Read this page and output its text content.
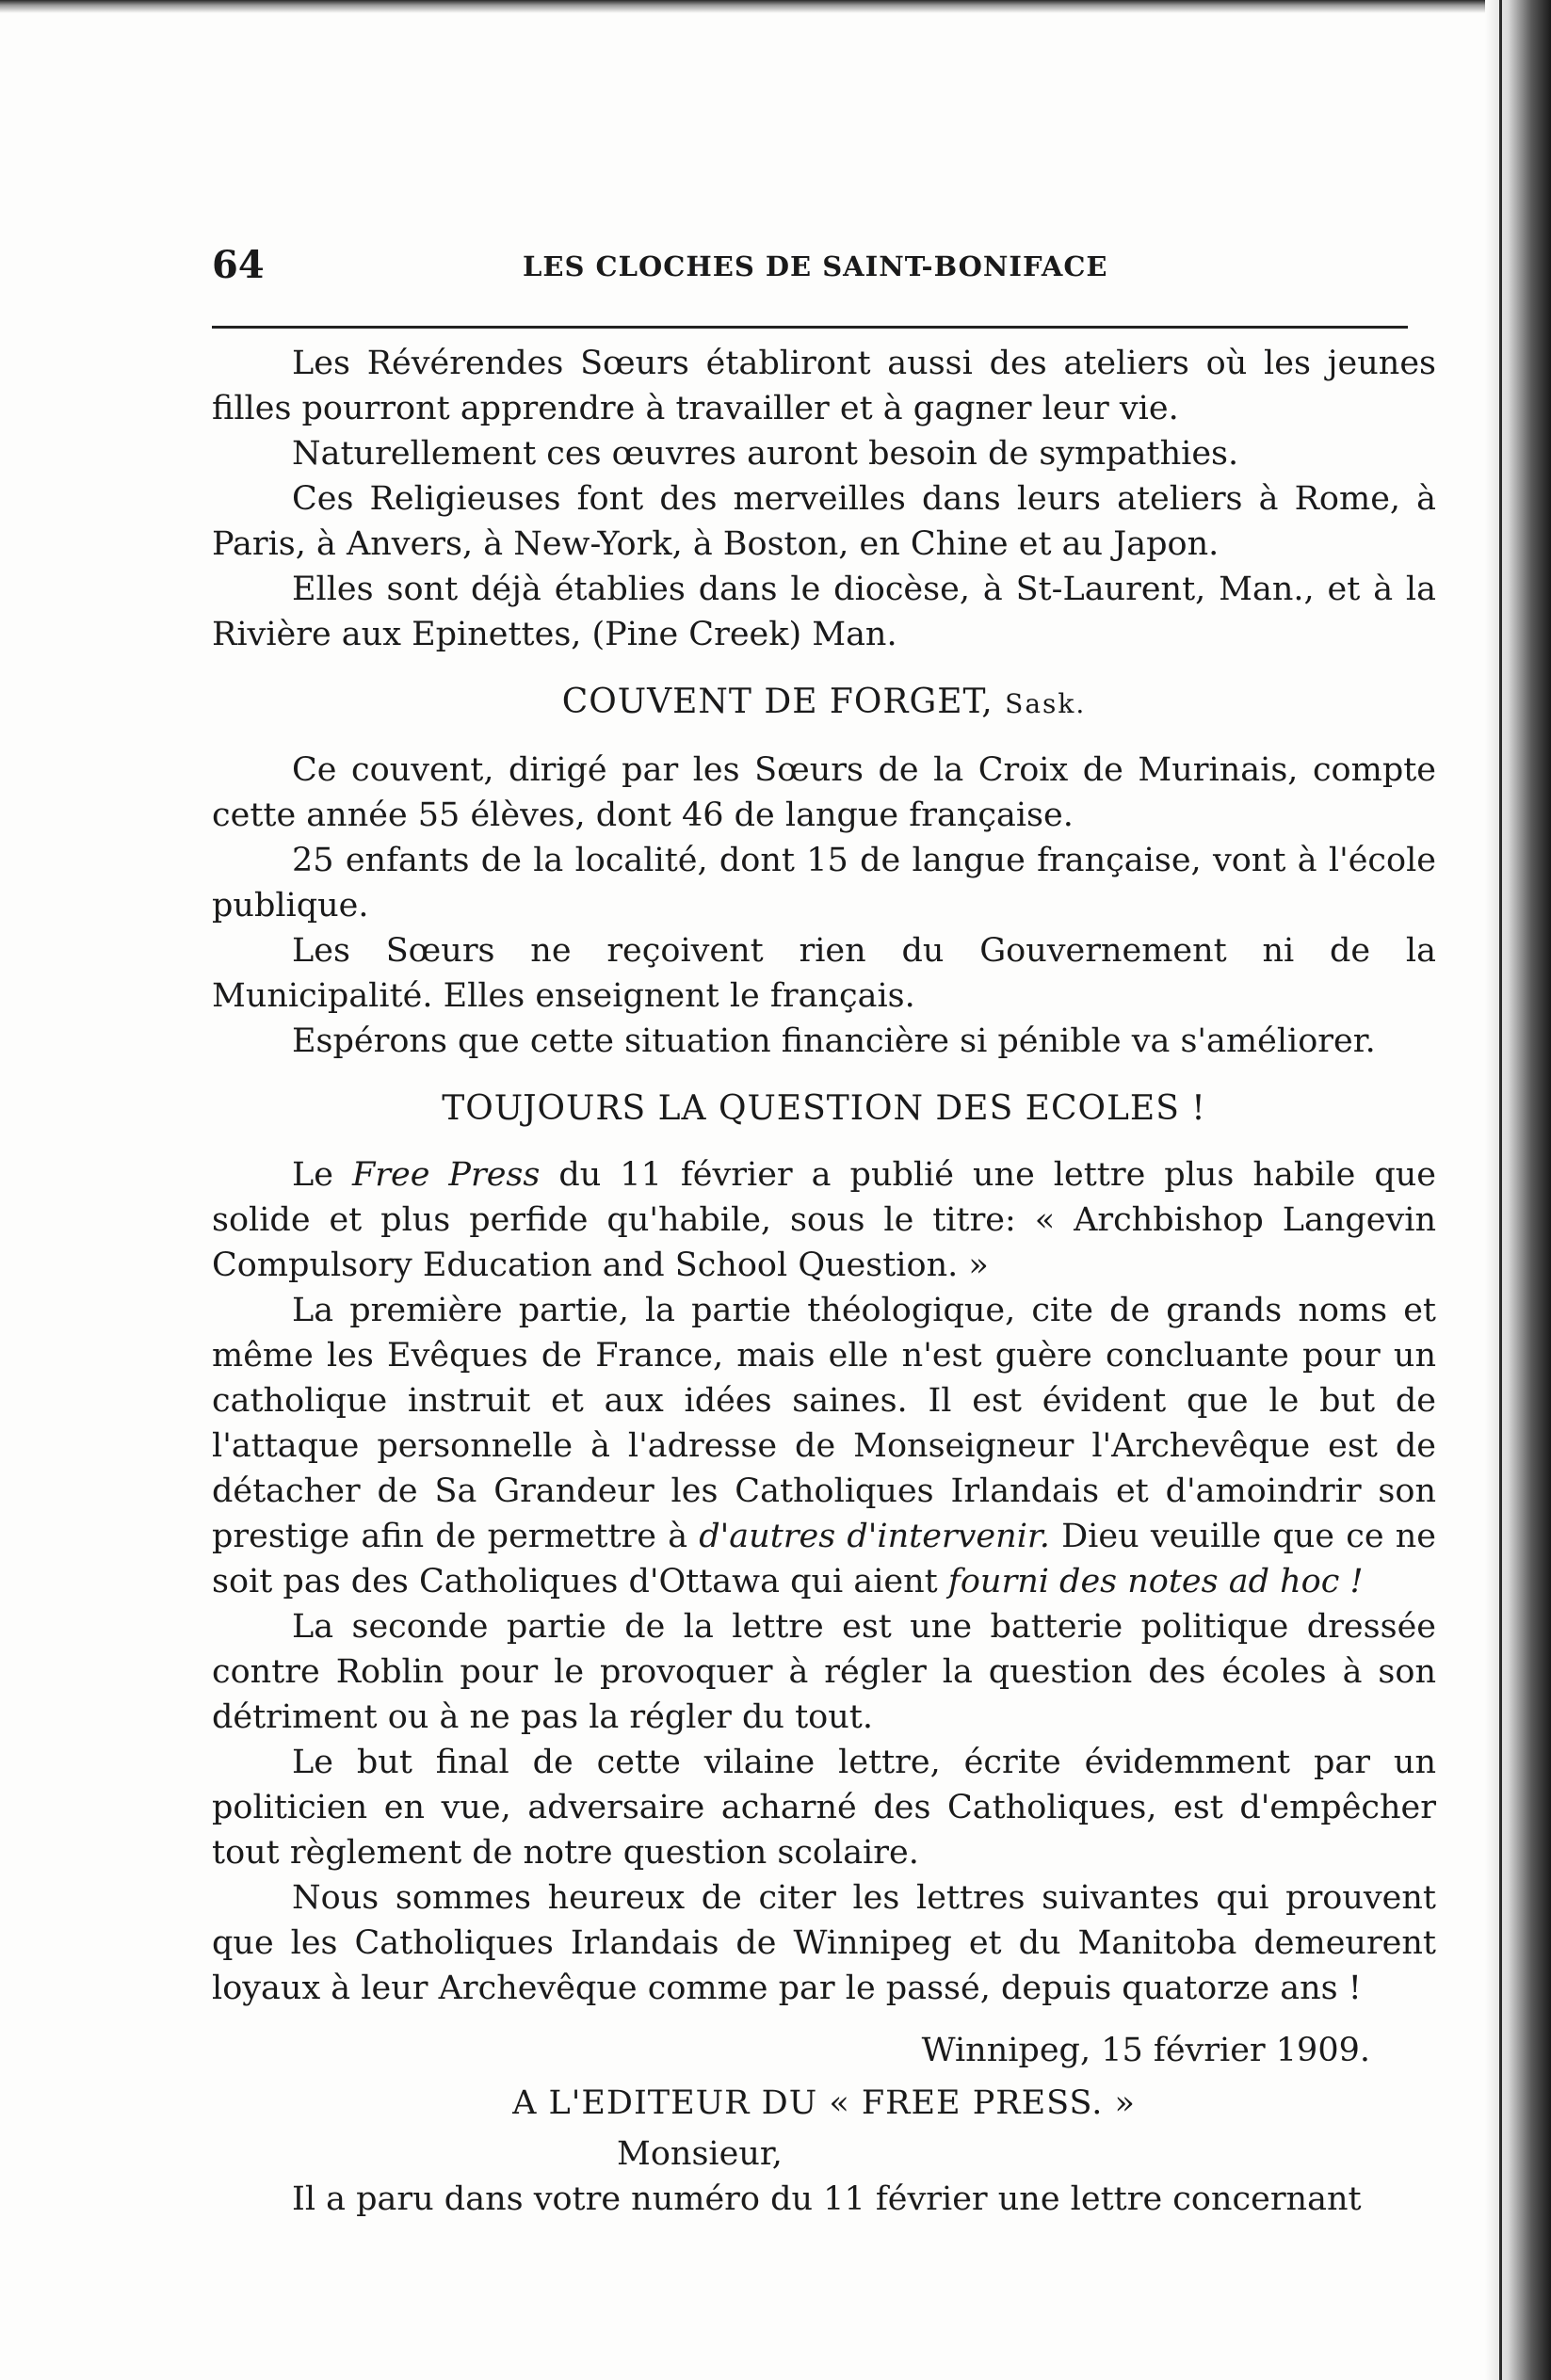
64	LES CLOCHES DE SAINT-BONIFACE

Les Révérendes Sœurs établiront aussi des ateliers où les jeunes filles pourront apprendre à travailler et à gagner leur vie.

Naturellement ces œuvres auront besoin de sympathies.

Ces Religieuses font des merveilles dans leurs ateliers à Rome, à Paris, à Anvers, à New-York, à Boston, en Chine et au Japon.

Elles sont déjà établies dans le diocèse, à St-Laurent, Man., et à la Rivière aux Epinettes, (Pine Creek) Man.

COUVENT DE FORGET, Sask.

Ce couvent, dirigé par les Sœurs de la Croix de Murinais, compte cette année 55 élèves, dont 46 de langue française.

25 enfants de la localité, dont 15 de langue française, vont à l'école publique.

Les Sœurs ne reçoivent rien du Gouvernement ni de la Municipalité. Elles enseignent le français.

Espérons que cette situation financière si pénible va s'améliorer.

TOUJOURS LA QUESTION DES ECOLES !

Le Free Press du 11 février a publié une lettre plus habile que solide et plus perfide qu'habile, sous le titre: « Archbishop Langevin Compulsory Education and School Question. »

La première partie, la partie théologique, cite de grands noms et même les Evêques de France, mais elle n'est guère concluante pour un catholique instruit et aux idées saines. Il est évident que le but de l'attaque personnelle à l'adresse de Monseigneur l'Archevêque est de détacher de Sa Grandeur les Catholiques Irlandais et d'amoindrir son prestige afin de permettre à d'autres d'intervenir. Dieu veuille que ce ne soit pas des Catholiques d'Ottawa qui aient fourni des notes ad hoc !

La seconde partie de la lettre est une batterie politique dressée contre Roblin pour le provoquer à régler la question des écoles à son détriment ou à ne pas la régler du tout.

Le but final de cette vilaine lettre, écrite évidemment par un politicien en vue, adversaire acharné des Catholiques, est d'empêcher tout règlement de notre question scolaire.

Nous sommes heureux de citer les lettres suivantes qui prouvent que les Catholiques Irlandais de Winnipeg et du Manitoba demeurent loyaux à leur Archevêque comme par le passé, depuis quatorze ans !

Winnipeg, 15 février 1909.
A L'EDITEUR DU « FREE PRESS. »
Monsieur,

Il a paru dans votre numéro du 11 février une lettre concernant
